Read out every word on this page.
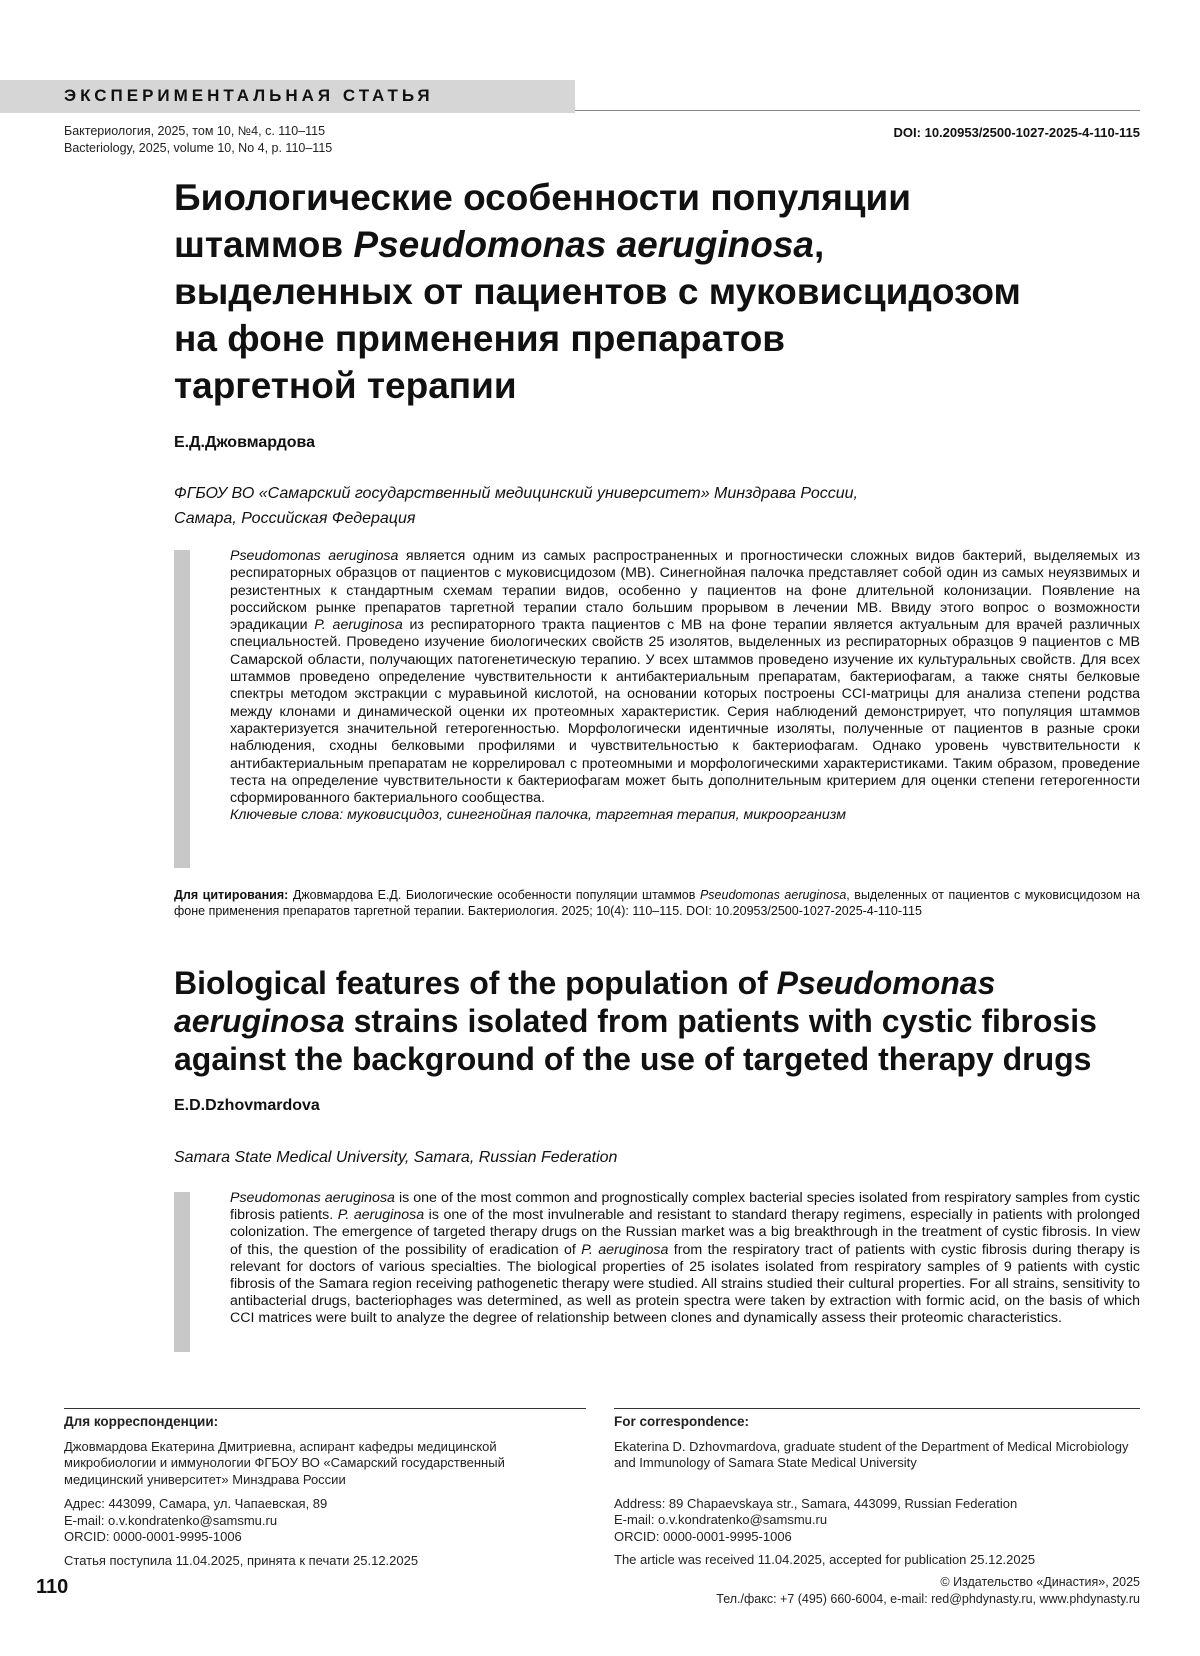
ЭКСПЕРИМЕНТАЛЬНАЯ СТАТЬЯ
Бактериология, 2025, том 10, №4, с. 110–115
Bacteriology, 2025, volume 10, No 4, p. 110–115
DOI: 10.20953/2500-1027-2025-4-110-115
Биологические особенности популяции
штаммов Pseudomonas aeruginosa,
выделенных от пациентов с муковисцидозом
на фоне применения препаратов
таргетной терапии
Е.Д.Джовмардова
ФГБОУ ВО «Самарский государственный медицинский университет» Минздрава России,
Самара, Российская Федерация
Pseudomonas aeruginosa является одним из самых распространенных и прогностически сложных видов бактерий, выделяемых из респираторных образцов от пациентов с муковисцидозом (МВ). Синегнойная палочка представляет собой один из самых неуязвимых и резистентных к стандартным схемам терапии видов, особенно у пациентов на фоне длительной колонизации. Появление на российском рынке препаратов таргетной терапии стало большим прорывом в лечении МВ. Ввиду этого вопрос о возможности эрадикации P. aeruginosa из респираторного тракта пациентов с МВ на фоне терапии является актуальным для врачей различных специальностей. Проведено изучение биологических свойств 25 изолятов, выделенных из респираторных образцов 9 пациентов с МВ Самарской области, получающих патогенетическую терапию. У всех штаммов проведено изучение их культуральных свойств. Для всех штаммов проведено определение чувствительности к антибактериальным препаратам, бактериофагам, а также сняты белковые спектры методом экстракции с муравьиной кислотой, на основании которых построены CCI-матрицы для анализа степени родства между клонами и динамической оценки их протеомных характеристик. Серия наблюдений демонстрирует, что популяция штаммов характеризуется значительной гетерогенностью. Морфологически идентичные изоляты, полученные от пациентов в разные сроки наблюдения, сходны белковыми профилями и чувствительностью к бактериофагам. Однако уровень чувствительности к антибактериальным препаратам не коррелировал с протеомными и морфологическими характеристиками. Таким образом, проведение теста на определение чувствительности к бактериофагам может быть дополнительным критерием для оценки степени гетерогенности сформированного бактериального сообщества.
Ключевые слова: муковисцидоз, синегнойная палочка, таргетная терапия, микроорганизм
Для цитирования: Джовмардова Е.Д. Биологические особенности популяции штаммов Pseudomonas aeruginosa, выделенных от пациентов с муковисцидозом на фоне применения препаратов таргетной терапии. Бактериология. 2025; 10(4): 110–115. DOI: 10.20953/2500-1027-2025-4-110-115
Biological features of the population of Pseudomonas
aeruginosa strains isolated from patients with cystic fibrosis
against the background of the use of targeted therapy drugs
E.D.Dzhovmardova
Samara State Medical University, Samara, Russian Federation
Pseudomonas aeruginosa is one of the most common and prognostically complex bacterial species isolated from respiratory samples from cystic fibrosis patients. P. aeruginosa is one of the most invulnerable and resistant to standard therapy regimens, especially in patients with prolonged colonization. The emergence of targeted therapy drugs on the Russian market was a big breakthrough in the treatment of cystic fibrosis. In view of this, the question of the possibility of eradication of P. aeruginosa from the respiratory tract of patients with cystic fibrosis during therapy is relevant for doctors of various specialties. The biological properties of 25 isolates isolated from respiratory samples of 9 patients with cystic fibrosis of the Samara region receiving pathogenetic therapy were studied. All strains studied their cultural properties. For all strains, sensitivity to antibacterial drugs, bacteriophages was determined, as well as protein spectra were taken by extraction with formic acid, on the basis of which CCI matrices were built to analyze the degree of relationship between clones and dynamically assess their proteomic characteristics.
Для корреспонденции:
Джовмардова Екатерина Дмитриевна, аспирант кафедры медицинской микробиологии и иммунологии ФГБОУ ВО «Самарский государственный медицинский университет» Минздрава России
Адрес: 443099, Самара, ул. Чапаевская, 89
E-mail: o.v.kondratenko@samsmu.ru
ORCID: 0000-0001-9995-1006
Статья поступила 11.04.2025, принята к печати 25.12.2025
For correspondence:
Ekaterina D. Dzhovmardova, graduate student of the Department of Medical Microbiology and Immunology of Samara State Medical University
Address: 89 Chapaevskaya str., Samara, 443099, Russian Federation
E-mail: o.v.kondratenko@samsmu.ru
ORCID: 0000-0001-9995-1006
The article was received 11.04.2025, accepted for publication 25.12.2025
110	© Издательство «Династия», 2025
Тел./факс: +7 (495) 660-6004, e-mail: red@phdynasty.ru, www.phdynasty.ru
